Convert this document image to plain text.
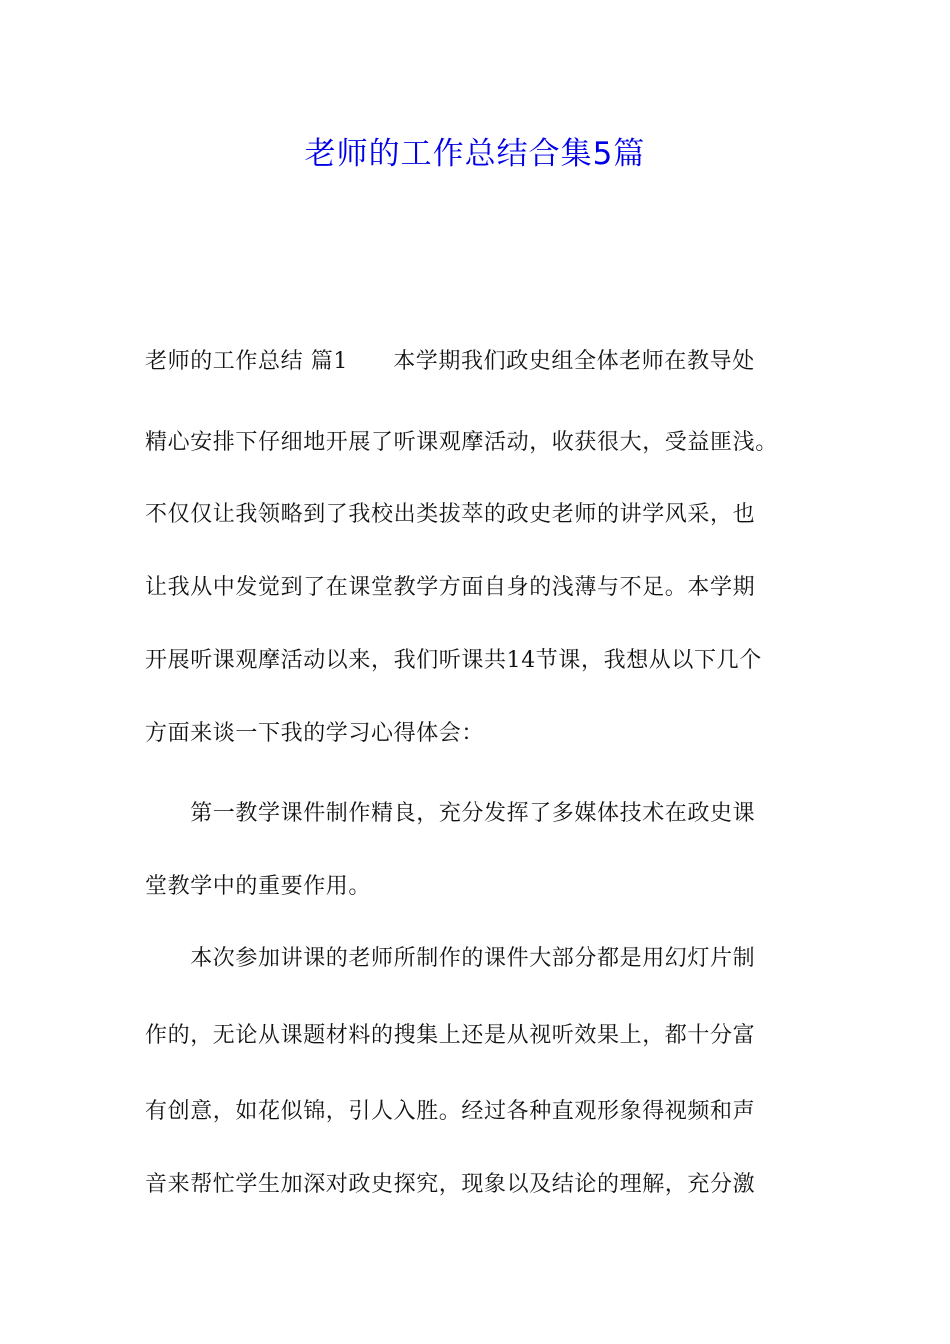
老师的工作总结合集5篇
老师的工作总结 篇1　　本学期我们政史组全体老师在教导处
精心安排下仔细地开展了听课观摩活动，收获很大，受益匪浅。
不仅仅让我领略到了我校出类拔萃的政史老师的讲学风采，也
让我从中发觉到了在课堂教学方面自身的浅薄与不足。本学期
开展听课观摩活动以来，我们听课共14节课，我想从以下几个
方面来谈一下我的学习心得体会：
　　第一教学课件制作精良，充分发挥了多媒体技术在政史课
堂教学中的重要作用。
　　本次参加讲课的老师所制作的课件大部分都是用幻灯片制
作的，无论从课题材料的搜集上还是从视听效果上，都十分富
有创意，如花似锦，引人入胜。经过各种直观形象得视频和声
音来帮忙学生加深对政史探究，现象以及结论的理解，充分激
